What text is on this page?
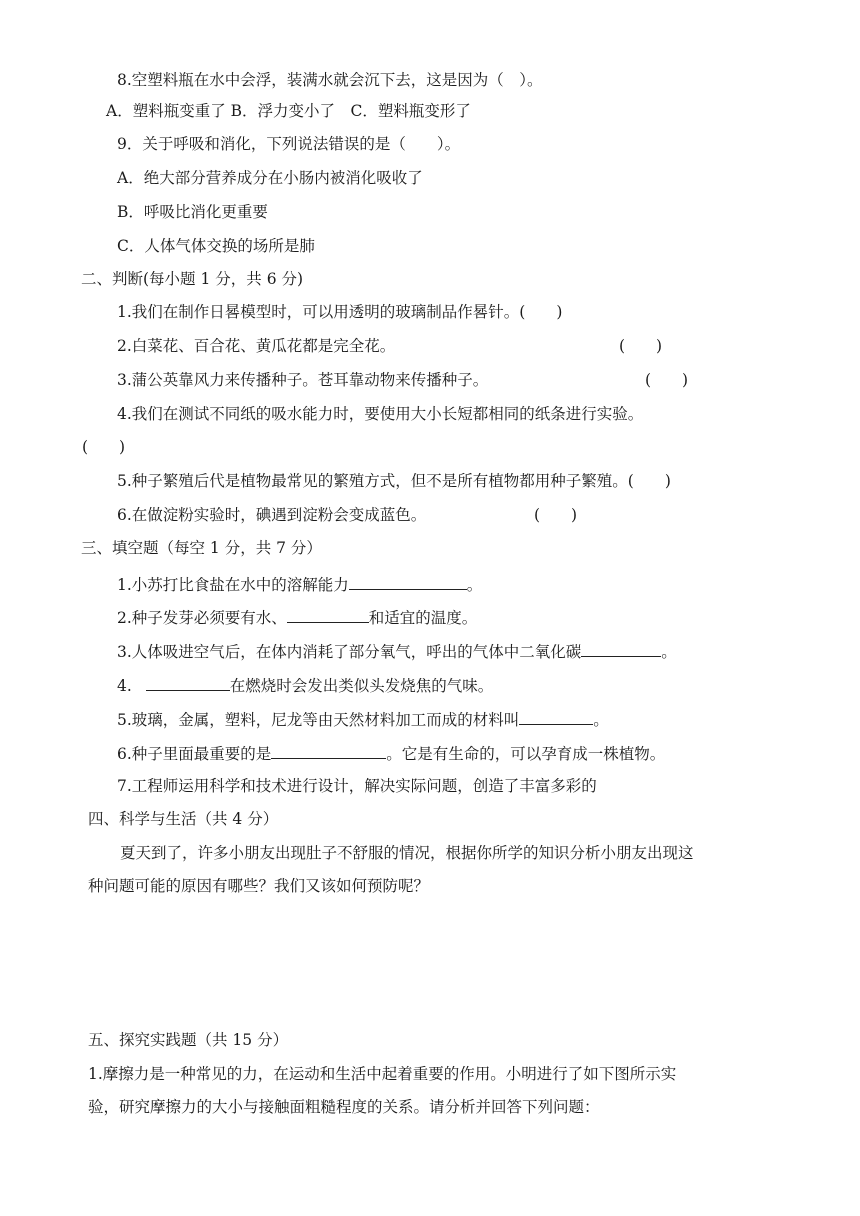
8.空塑料瓶在水中会浮，装满水就会沉下去，这是因为（　）。
A．塑料瓶变重了 B．浮力变小了　C．塑料瓶变形了
9．关于呼吸和消化，下列说法错误的是（　　）。
A．绝大部分营养成分在小肠内被消化吸收了
B．呼吸比消化更重要
C．人体气体交换的场所是肺
二、判断(每小题 1 分，共 6 分)
1.我们在制作日晷模型时，可以用透明的玻璃制品作晷针。(　　)
2.白菜花、百合花、黄瓜花都是完全花。	(　　)
3.蒲公英靠风力来传播种子。苍耳靠动物来传播种子。	(　　)
4.我们在测试不同纸的吸水能力时，要使用大小长短都相同的纸条进行实验。
(　　)
5.种子繁殖后代是植物最常见的繁殖方式，但不是所有植物都用种子繁殖。(　　)
6.在做淀粉实验时，碘遇到淀粉会变成蓝色。	(　　)
三、填空题（每空 1 分，共 7 分）
1.小苏打比食盐在水中的溶解能力	。
2.种子发芽必须要有水、	和适宜的温度。
3.人体吸进空气后，在体内消耗了部分氧气，呼出的气体中二氧化碳	。
4.	在燃烧时会发出类似头发烧焦的气味。
5.玻璃，金属，塑料，尼龙等由天然材料加工而成的材料叫	。
6.种子里面最重要的是	。它是有生命的，可以孕育成一株植物。
7.工程师运用科学和技术进行设计，解决实际问题，创造了丰富多彩的
四、科学与生活（共 4 分）
夏天到了，许多小朋友出现肚子不舒服的情况，根据你所学的知识分析小朋友出现这
种问题可能的原因有哪些？我们又该如何预防呢？
五、探究实践题（共 15 分）
1.摩擦力是一种常见的力，在运动和生活中起着重要的作用。小明进行了如下图所示实
验，研究摩擦力的大小与接触面粗糙程度的关系。请分析并回答下列问题：
